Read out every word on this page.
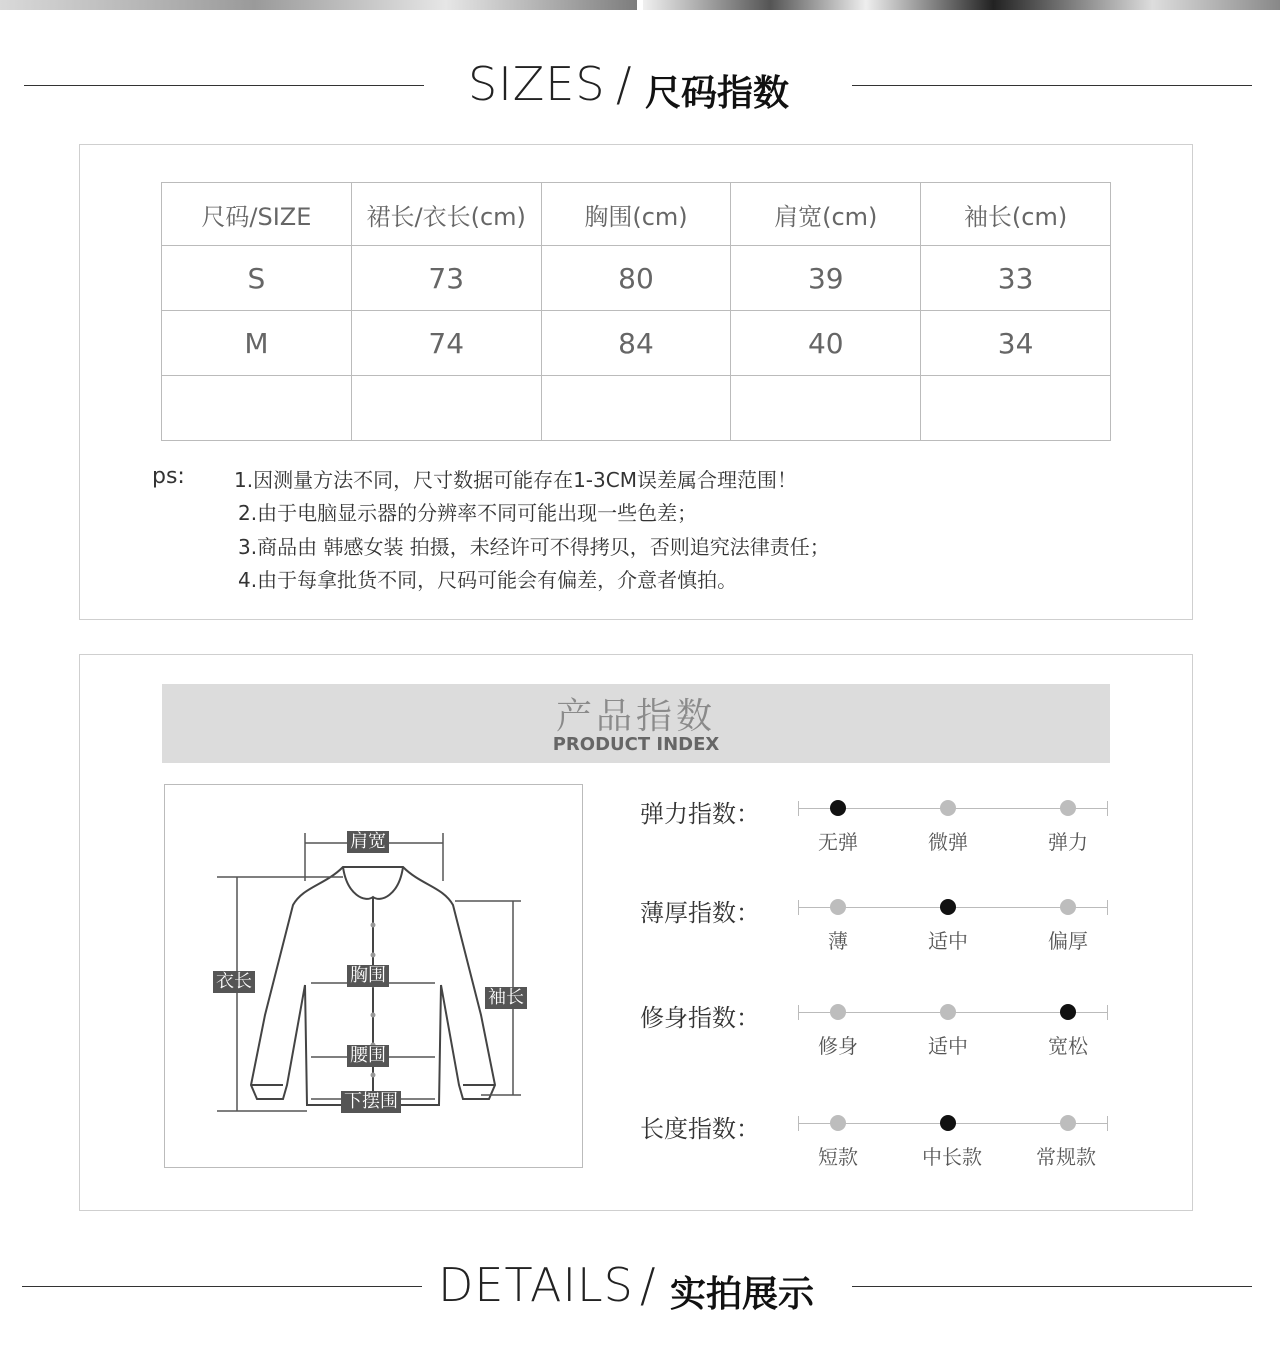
SIZES / 尺码指数
尺码/SIZE	裙长/衣长(cm)	胸围(cm)	肩宽(cm)	袖长(cm)
S	73	80	39	33
M	74	84	40	34

ps: 1.因测量方法不同，尺寸数据可能存在1-3CM误差属合理范围！
2.由于电脑显示器的分辨率不同可能出现一些色差；
3.商品由 韩感女装 拍摄，未经许可不得拷贝，否则追究法律责任；
4.由于每拿批货不同，尺码可能会有偏差，介意者慎拍。
产品指数
PRODUCT INDEX
肩宽
衣长	胸围
袖长
腰围
下摆围
弹力指数：
无弹	微弹	弹力
薄厚指数：
薄	适中	偏厚
修身指数：
修身	适中	宽松
长度指数：
短款	中长款	常规款
DETAILS / 实拍展示
